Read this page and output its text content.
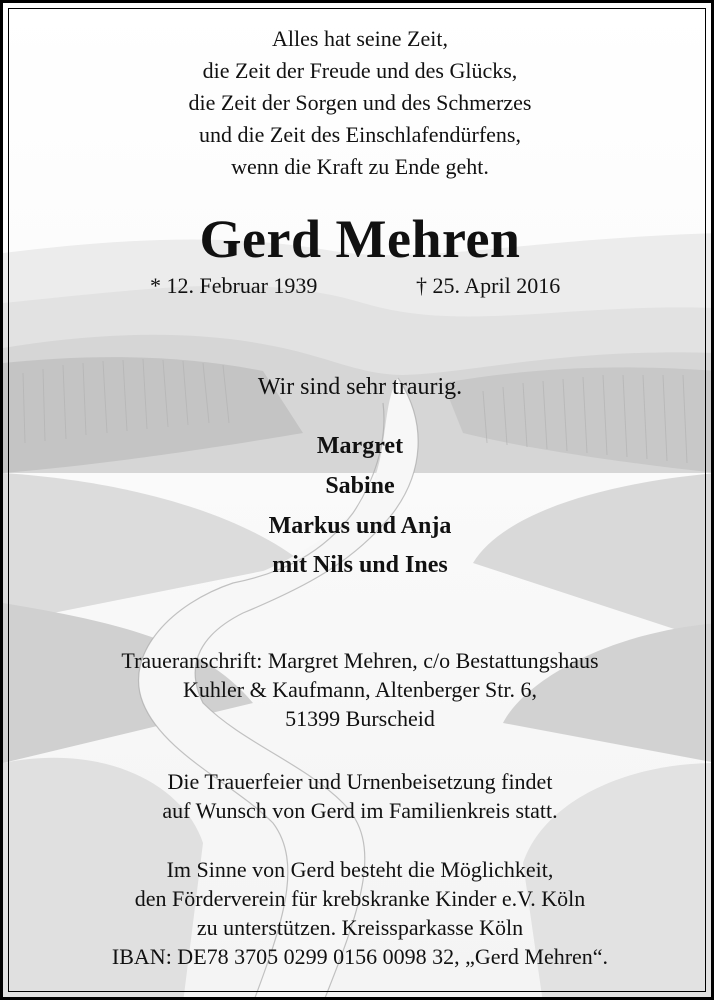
Alles hat seine Zeit,
die Zeit der Freude und des Glücks,
die Zeit der Sorgen und des Schmerzes
und die Zeit des Einschlafendürfens,
wenn die Kraft zu Ende geht.
Gerd Mehren
* 12. Februar 1939	† 25. April 2016
Wir sind sehr traurig.
Margret
Sabine
Markus und Anja
mit Nils und Ines
Traueranschrift: Margret Mehren, c/o Bestattungshaus
Kuhler & Kaufmann, Altenberger Str. 6,
51399 Burscheid
Die Trauerfeier und Urnenbeisetzung findet
auf Wunsch von Gerd im Familienkreis statt.
Im Sinne von Gerd besteht die Möglichkeit,
den Förderverein für krebskranke Kinder e.V. Köln
zu unterstützen. Kreissparkasse Köln
IBAN: DE78 3705 0299 0156 0098 32, „Gerd Mehren“.
